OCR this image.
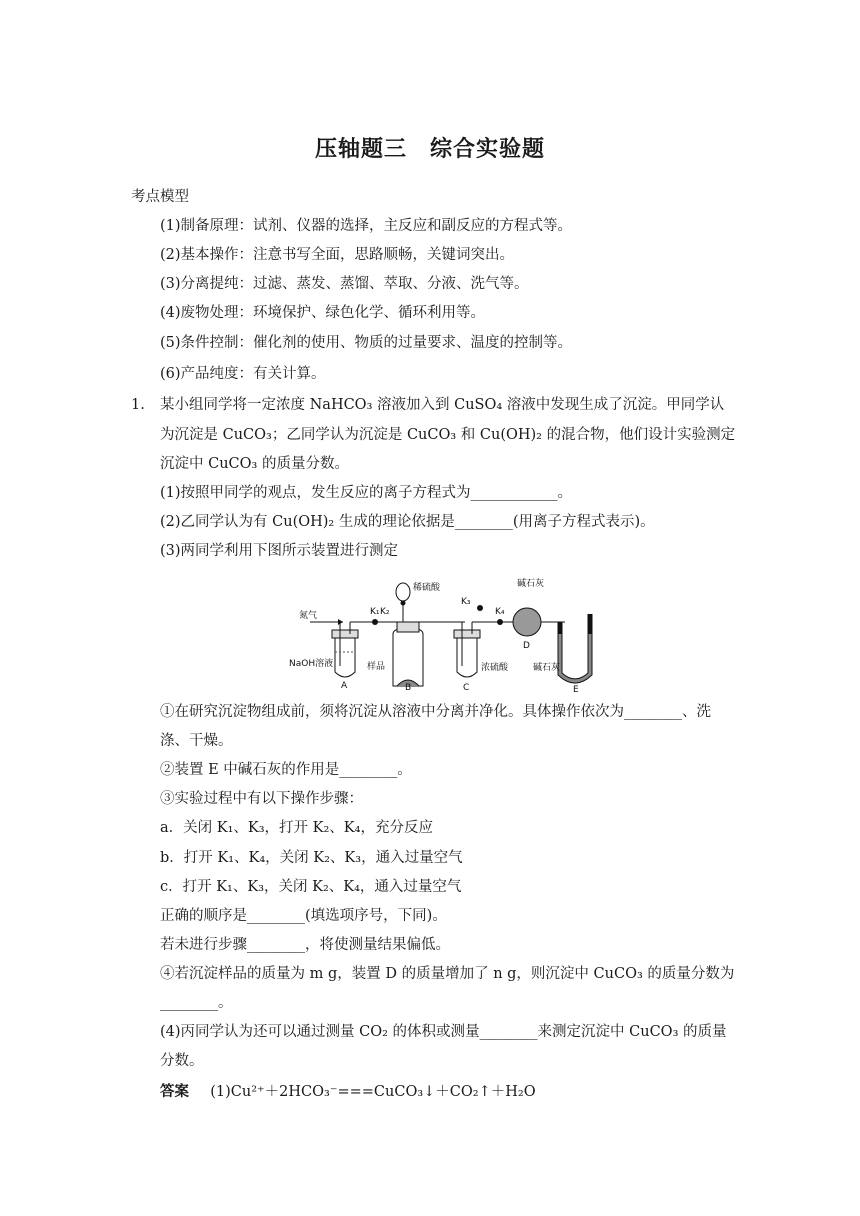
压轴题三　综合实验题
考点模型
(1)制备原理：试剂、仪器的选择，主反应和副反应的方程式等。
(2)基本操作：注意书写全面，思路顺畅，关键词突出。
(3)分离提纯：过滤、蒸发、蒸馏、萃取、分液、洗气等。
(4)废物处理：环境保护、绿色化学、循环利用等。
(5)条件控制：催化剂的使用、物质的过量要求、温度的控制等。
(6)产品纯度：有关计算。
1. 某小组同学将一定浓度 NaHCO₃ 溶液加入到 CuSO₄ 溶液中发现生成了沉淀。甲同学认
为沉淀是 CuCO₃；乙同学认为沉淀是 CuCO₃ 和 Cu(OH)₂ 的混合物，他们设计实验测定
沉淀中 CuCO₃ 的质量分数。
(1)按照甲同学的观点，发生反应的离子方程式为____________。
(2)乙同学认为有 Cu(OH)₂ 生成的理论依据是________(用离子方程式表示)。
(3)两同学利用下图所示装置进行测定
氮气	K₁ K₂
稀硫酸
K₃
K₄
碱石灰
碱石灰
NaOH溶液	样品	浓硫酸
A	B	C
D
E
①在研究沉淀物组成前，须将沉淀从溶液中分离并净化。具体操作依次为________、洗
涤、干燥。
②装置 E 中碱石灰的作用是________。
③实验过程中有以下操作步骤：
a．关闭 K₁、K₃，打开 K₂、K₄，充分反应
b．打开 K₁、K₄，关闭 K₂、K₃，通入过量空气
c．打开 K₁、K₃，关闭 K₂、K₄，通入过量空气
正确的顺序是________(填选项序号，下同)。
若未进行步骤________，将使测量结果偏低。
④若沉淀样品的质量为 m g，装置 D 的质量增加了 n g，则沉淀中 CuCO₃ 的质量分数为
________。
(4)丙同学认为还可以通过测量 CO₂ 的体积或测量________来测定沉淀中 CuCO₃ 的质量
分数。
答案 (1)Cu²⁺＋2HCO₃⁻===CuCO₃↓＋CO₂↑＋H₂O
